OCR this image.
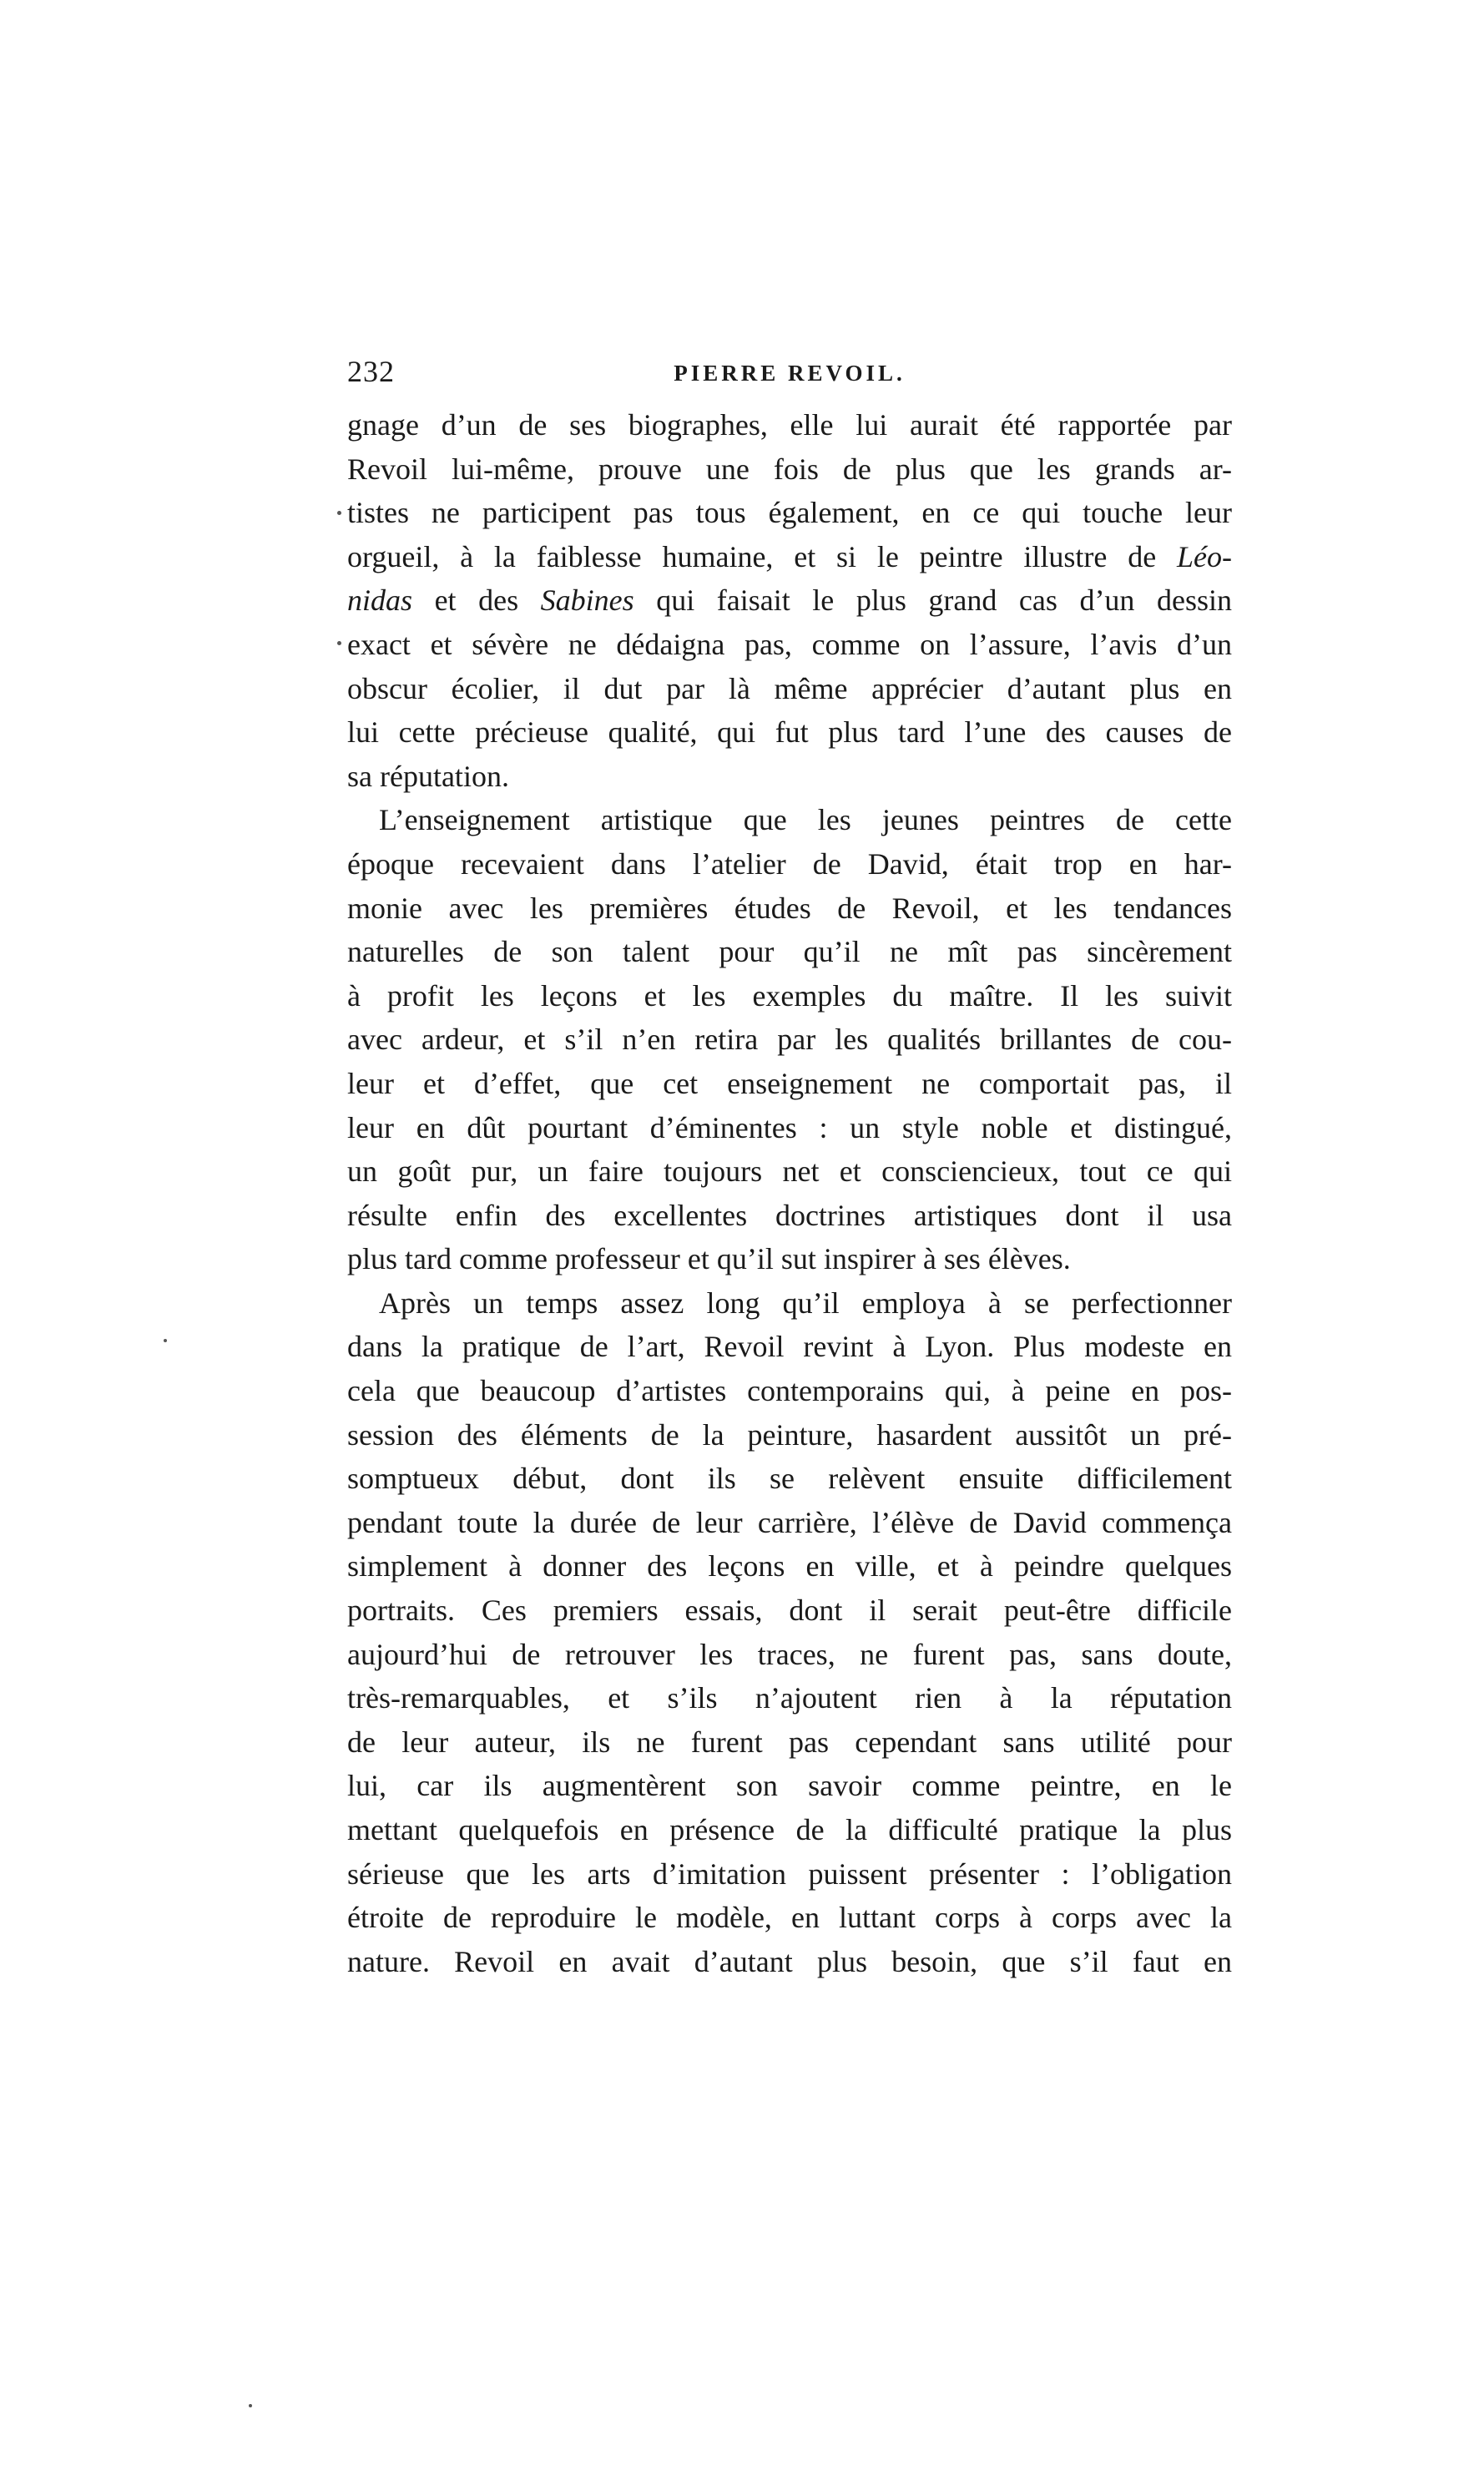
232	PIERRE REVOIL.
gnage d’un de ses biographes, elle lui aurait été rapportée par
Revoil lui-même, prouve une fois de plus que les grands ar-
tistes ne participent pas tous également, en ce qui touche leur
orgueil, à la faiblesse humaine, et si le peintre illustre de Léo-
nidas et des Sabines qui faisait le plus grand cas d’un dessin
exact et sévère ne dédaigna pas, comme on l’assure, l’avis d’un
obscur écolier, il dut par là même apprécier d’autant plus en
lui cette précieuse qualité, qui fut plus tard l’une des causes de
sa réputation.
L’enseignement artistique que les jeunes peintres de cette
époque recevaient dans l’atelier de David, était trop en har-
monie avec les premières études de Revoil, et les tendances
naturelles de son talent pour qu’il ne mît pas sincèrement
à profit les leçons et les exemples du maître. Il les suivit
avec ardeur, et s’il n’en retira par les qualités brillantes de cou-
leur et d’effet, que cet enseignement ne comportait pas, il
leur en dût pourtant d’éminentes : un style noble et distingué,
un goût pur, un faire toujours net et consciencieux, tout ce qui
résulte enfin des excellentes doctrines artistiques dont il usa
plus tard comme professeur et qu’il sut inspirer à ses élèves.
Après un temps assez long qu’il employa à se perfectionner
dans la pratique de l’art, Revoil revint à Lyon. Plus modeste en
cela que beaucoup d’artistes contemporains qui, à peine en pos-
session des éléments de la peinture, hasardent aussitôt un pré-
somptueux début, dont ils se relèvent ensuite difficilement
pendant toute la durée de leur carrière, l’élève de David commença
simplement à donner des leçons en ville, et à peindre quelques
portraits. Ces premiers essais, dont il serait peut-être difficile
aujourd’hui de retrouver les traces, ne furent pas, sans doute,
très-remarquables, et s’ils n’ajoutent rien à la réputation
de leur auteur, ils ne furent pas cependant sans utilité pour
lui, car ils augmentèrent son savoir comme peintre, en le
mettant quelquefois en présence de la difficulté pratique la plus
sérieuse que les arts d’imitation puissent présenter : l’obligation
étroite de reproduire le modèle, en luttant corps à corps avec la
nature. Revoil en avait d’autant plus besoin, que s’il faut en
